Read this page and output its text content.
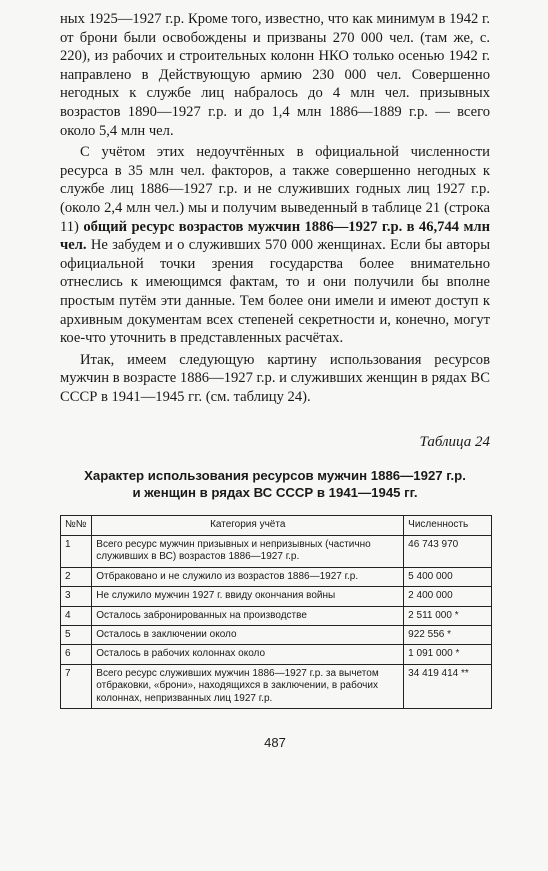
ных 1925—1927 г.р. Кроме того, известно, что как минимум в 1942 г. от брони были освобождены и призваны 270 000 чел. (там же, с. 220), из рабочих и строительных колонн НКО только осенью 1942 г. направлено в Действующую армию 230 000 чел. Совершенно негодных к службе лиц набралось до 4 млн чел. призывных возрастов 1890—1927 г.р. и до 1,4 млн 1886—1889 г.р. — всего около 5,4 млн чел.

С учётом этих недоучтённых в официальной численности ресурса в 35 млн чел. факторов, а также совершенно негодных к службе лиц 1886—1927 г.р. и не служивших годных лиц 1927 г.р. (около 2,4 млн чел.) мы и получим выведенный в таблице 21 (строка 11) общий ресурс возрастов мужчин 1886—1927 г.р. в 46,744 млн чел. Не забудем и о служивших 570 000 женщинах. Если бы авторы официальной точки зрения государства более внимательно отнеслись к имеющимся фактам, то и они получили бы вполне простым путём эти данные. Тем более они имели и имеют доступ к архивным документам всех степеней секретности и, конечно, могут кое-что уточнить в представленных расчётах.

Итак, имеем следующую картину использования ресурсов мужчин в возрасте 1886—1927 г.р. и служивших женщин в рядах ВС СССР в 1941—1945 гг. (см. таблицу 24).

Таблица 24
Характер использования ресурсов мужчин 1886—1927 г.р.
и женщин в рядах ВС СССР в 1941—1945 гг.
№№	Категория учёта	Численность
1	Всего ресурс мужчин призывных и непризывных (частично служивших в ВС) возрастов 1886—1927 г.р.	46 743 970
2	Отбраковано и не служило из возрастов 1886—1927 г.р.	5 400 000
3	Не служило мужчин 1927 г. ввиду окончания войны	2 400 000
4	Осталось забронированных на производстве	2 511 000 *
5	Осталось в заключении около	922 556 *
6	Осталось в рабочих колоннах около	1 091 000 *
7	Всего ресурс служивших мужчин 1886—1927 г.р. за вычетом отбраковки, «брони», находящихся в заключении, в рабочих колоннах, непризванных лиц 1927 г.р.	34 419 414 **
487
